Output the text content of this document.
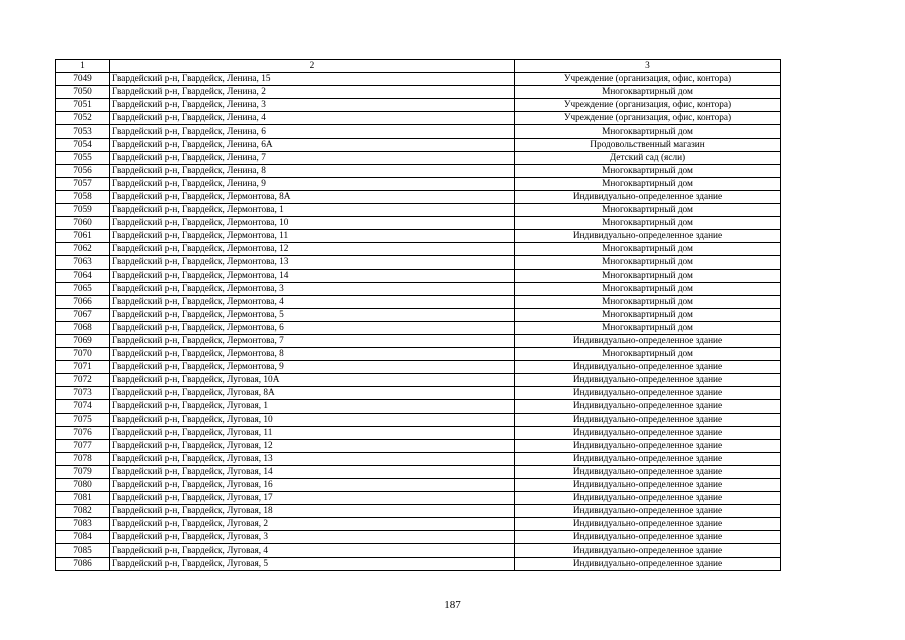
1	2	3
7049	Гвардейский р-н, Гвардейск, Ленина, 15	Учреждение (организация, офис, контора)
7050	Гвардейский р-н, Гвардейск, Ленина, 2	Многоквартирный дом
7051	Гвардейский р-н, Гвардейск, Ленина, 3	Учреждение (организация, офис, контора)
7052	Гвардейский р-н, Гвардейск, Ленина, 4	Учреждение (организация, офис, контора)
7053	Гвардейский р-н, Гвардейск, Ленина, 6	Многоквартирный дом
7054	Гвардейский р-н, Гвардейск, Ленина, 6А	Продовольственный магазин
7055	Гвардейский р-н, Гвардейск, Ленина, 7	Детский сад (ясли)
7056	Гвардейский р-н, Гвардейск, Ленина, 8	Многоквартирный дом
7057	Гвардейский р-н, Гвардейск, Ленина, 9	Многоквартирный дом
7058	Гвардейский р-н, Гвардейск, Лермонтова, 8А	Индивидуально-определенное здание
7059	Гвардейский р-н, Гвардейск, Лермонтова, 1	Многоквартирный дом
7060	Гвардейский р-н, Гвардейск, Лермонтова, 10	Многоквартирный дом
7061	Гвардейский р-н, Гвардейск, Лермонтова, 11	Индивидуально-определенное здание
7062	Гвардейский р-н, Гвардейск, Лермонтова, 12	Многоквартирный дом
7063	Гвардейский р-н, Гвардейск, Лермонтова, 13	Многоквартирный дом
7064	Гвардейский р-н, Гвардейск, Лермонтова, 14	Многоквартирный дом
7065	Гвардейский р-н, Гвардейск, Лермонтова, 3	Многоквартирный дом
7066	Гвардейский р-н, Гвардейск, Лермонтова, 4	Многоквартирный дом
7067	Гвардейский р-н, Гвардейск, Лермонтова, 5	Многоквартирный дом
7068	Гвардейский р-н, Гвардейск, Лермонтова, 6	Многоквартирный дом
7069	Гвардейский р-н, Гвардейск, Лермонтова, 7	Индивидуально-определенное здание
7070	Гвардейский р-н, Гвардейск, Лермонтова, 8	Многоквартирный дом
7071	Гвардейский р-н, Гвардейск, Лермонтова, 9	Индивидуально-определенное здание
7072	Гвардейский р-н, Гвардейск, Луговая, 10А	Индивидуально-определенное здание
7073	Гвардейский р-н, Гвардейск, Луговая, 8А	Индивидуально-определенное здание
7074	Гвардейский р-н, Гвардейск, Луговая, 1	Индивидуально-определенное здание
7075	Гвардейский р-н, Гвардейск, Луговая, 10	Индивидуально-определенное здание
7076	Гвардейский р-н, Гвардейск, Луговая, 11	Индивидуально-определенное здание
7077	Гвардейский р-н, Гвардейск, Луговая, 12	Индивидуально-определенное здание
7078	Гвардейский р-н, Гвардейск, Луговая, 13	Индивидуально-определенное здание
7079	Гвардейский р-н, Гвардейск, Луговая, 14	Индивидуально-определенное здание
7080	Гвардейский р-н, Гвардейск, Луговая, 16	Индивидуально-определенное здание
7081	Гвардейский р-н, Гвардейск, Луговая, 17	Индивидуально-определенное здание
7082	Гвардейский р-н, Гвардейск, Луговая, 18	Индивидуально-определенное здание
7083	Гвардейский р-н, Гвардейск, Луговая, 2	Индивидуально-определенное здание
7084	Гвардейский р-н, Гвардейск, Луговая, 3	Индивидуально-определенное здание
7085	Гвардейский р-н, Гвардейск, Луговая, 4	Индивидуально-определенное здание
7086	Гвардейский р-н, Гвардейск, Луговая, 5	Индивидуально-определенное здание
187
